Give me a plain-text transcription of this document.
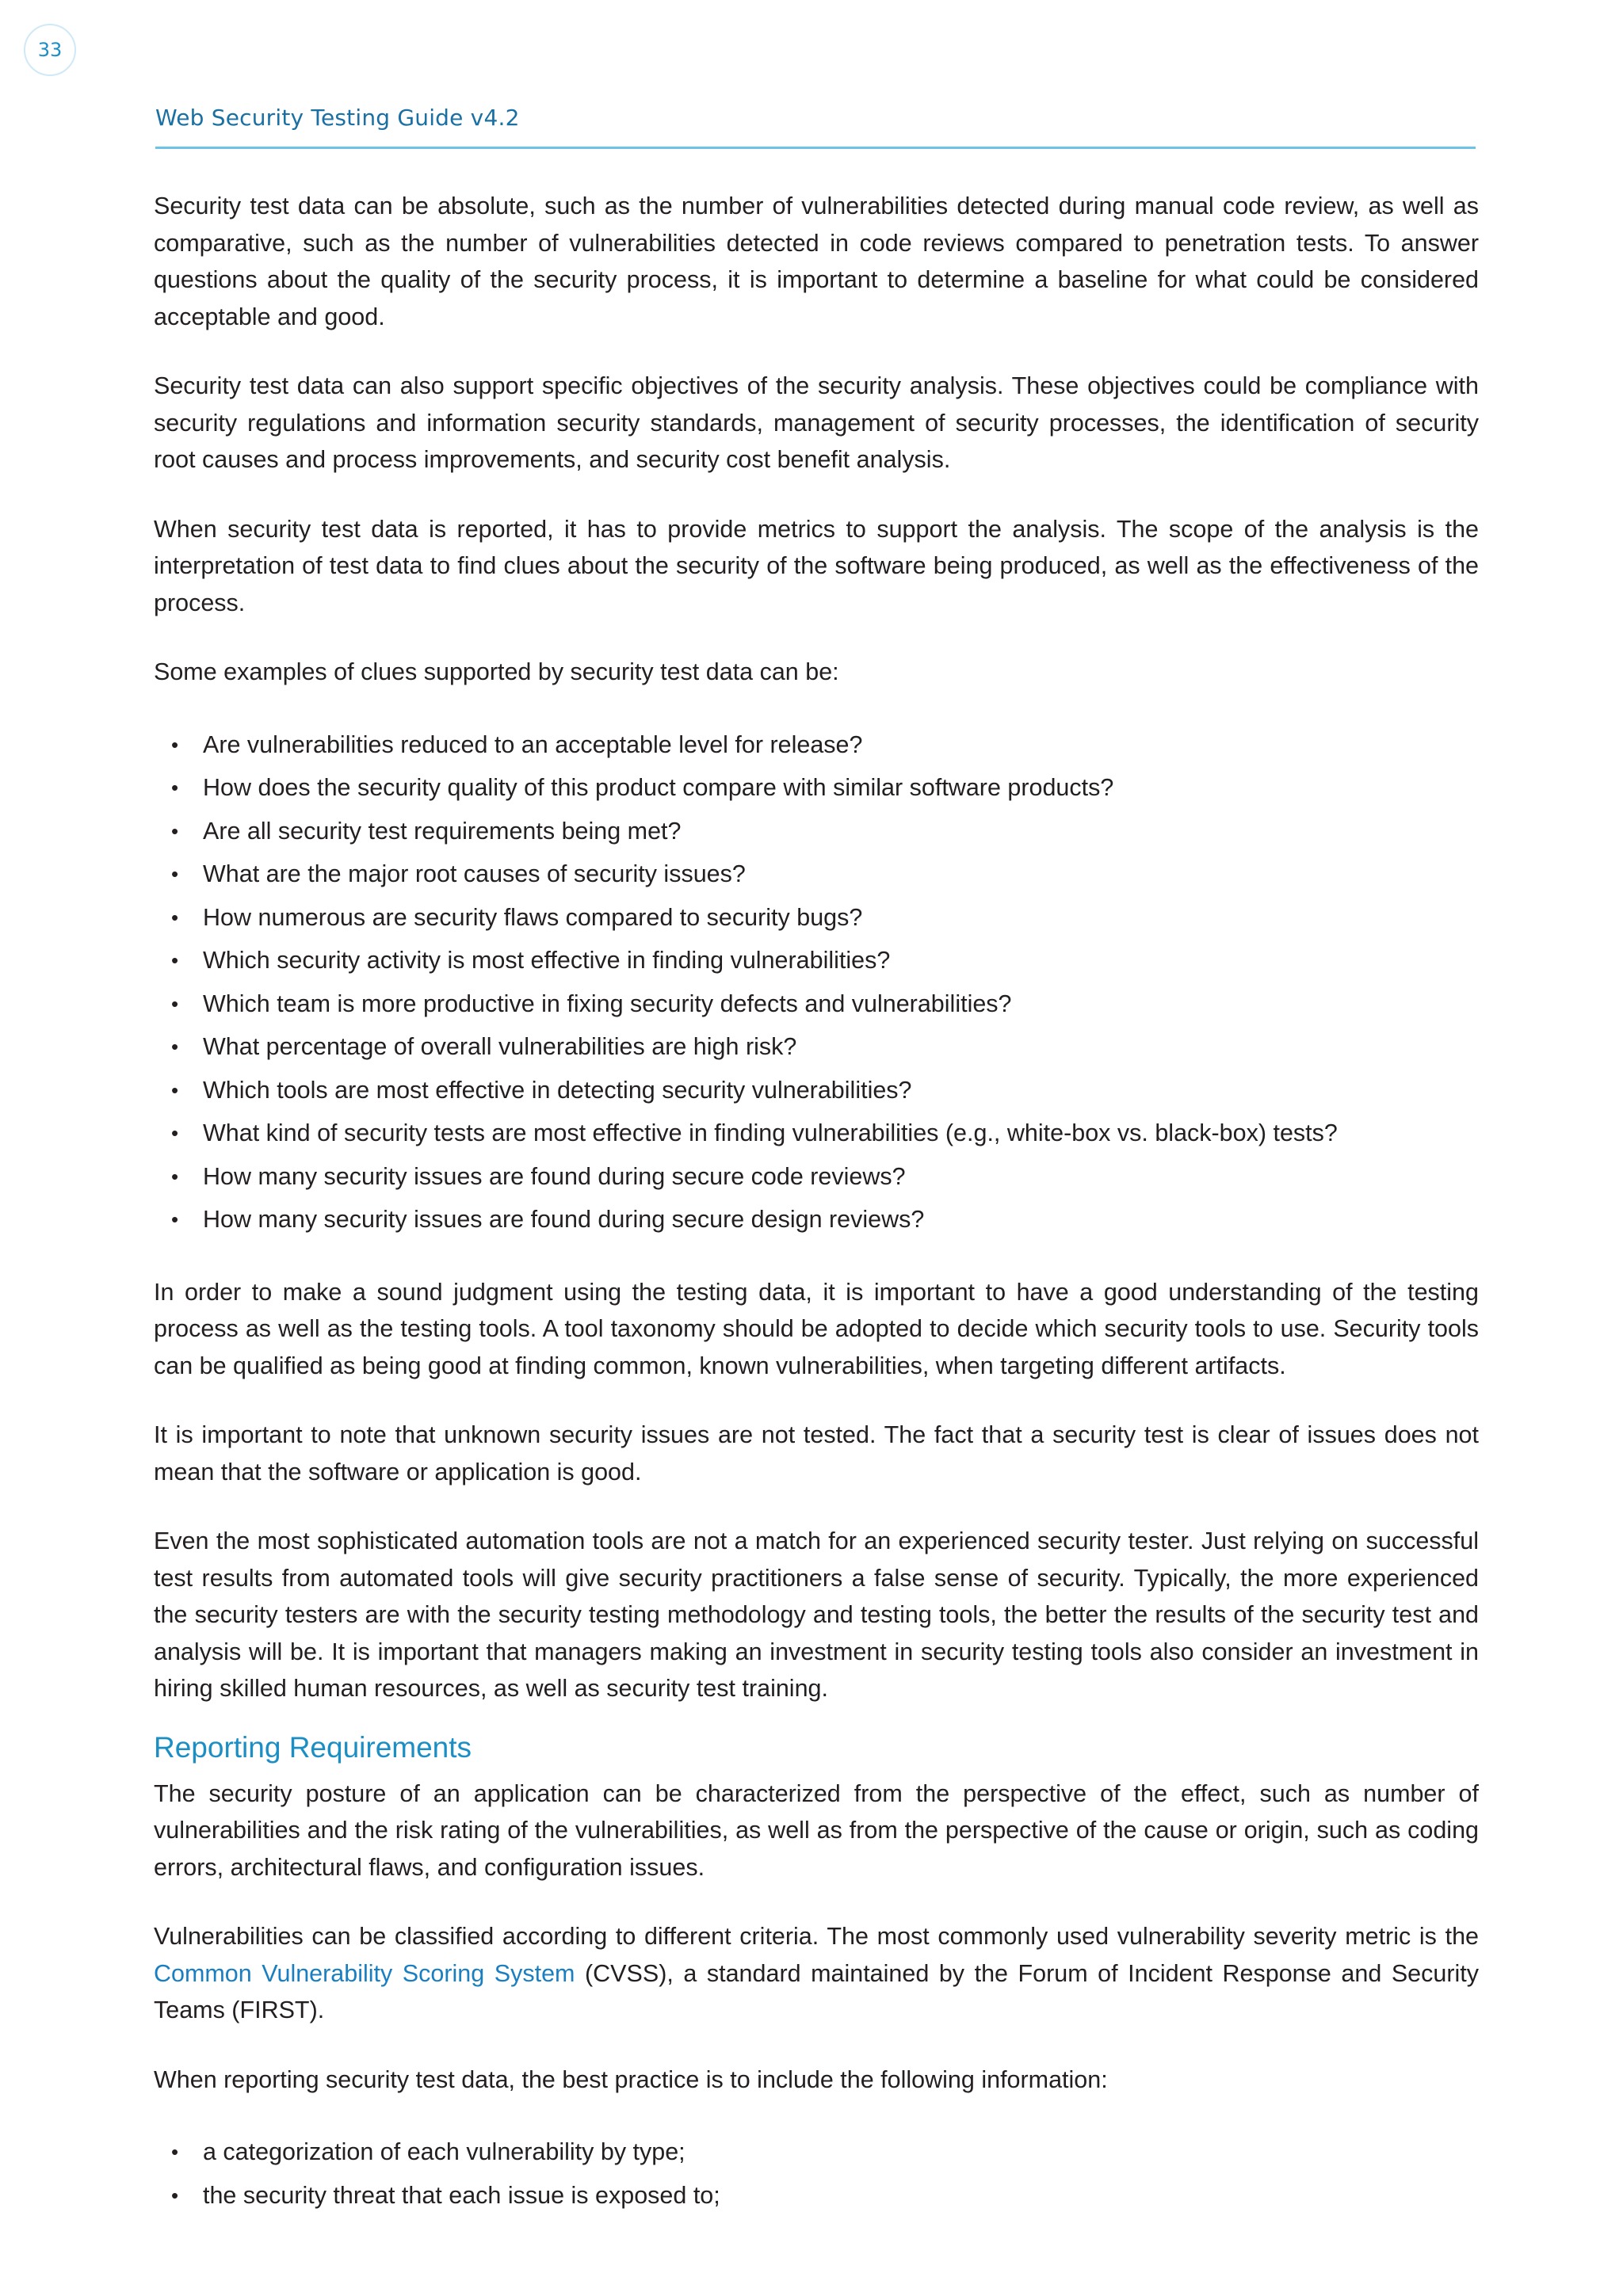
33
Web Security Testing Guide v4.2

Security test data can be absolute, such as the number of vulnerabilities detected during manual code review, as well as comparative, such as the number of vulnerabilities detected in code reviews compared to penetration tests. To answer questions about the quality of the security process, it is important to determine a baseline for what could be considered acceptable and good.

Security test data can also support specific objectives of the security analysis. These objectives could be compliance with security regulations and information security standards, management of security processes, the identification of security root causes and process improvements, and security cost benefit analysis.

When security test data is reported, it has to provide metrics to support the analysis. The scope of the analysis is the interpretation of test data to find clues about the security of the software being produced, as well as the effectiveness of the process.

Some examples of clues supported by security test data can be:

• Are vulnerabilities reduced to an acceptable level for release?
• How does the security quality of this product compare with similar software products?
• Are all security test requirements being met?
• What are the major root causes of security issues?
• How numerous are security flaws compared to security bugs?
• Which security activity is most effective in finding vulnerabilities?
• Which team is more productive in fixing security defects and vulnerabilities?
• What percentage of overall vulnerabilities are high risk?
• Which tools are most effective in detecting security vulnerabilities?
• What kind of security tests are most effective in finding vulnerabilities (e.g., white-box vs. black-box) tests?
• How many security issues are found during secure code reviews?
• How many security issues are found during secure design reviews?

In order to make a sound judgment using the testing data, it is important to have a good understanding of the testing process as well as the testing tools. A tool taxonomy should be adopted to decide which security tools to use. Security tools can be qualified as being good at finding common, known vulnerabilities, when targeting different artifacts.

It is important to note that unknown security issues are not tested. The fact that a security test is clear of issues does not mean that the software or application is good.

Even the most sophisticated automation tools are not a match for an experienced security tester. Just relying on successful test results from automated tools will give security practitioners a false sense of security. Typically, the more experienced the security testers are with the security testing methodology and testing tools, the better the results of the security test and analysis will be. It is important that managers making an investment in security testing tools also consider an investment in hiring skilled human resources, as well as security test training.

Reporting Requirements

The security posture of an application can be characterized from the perspective of the effect, such as number of vulnerabilities and the risk rating of the vulnerabilities, as well as from the perspective of the cause or origin, such as coding errors, architectural flaws, and configuration issues.

Vulnerabilities can be classified according to different criteria. The most commonly used vulnerability severity metric is the Common Vulnerability Scoring System (CVSS), a standard maintained by the Forum of Incident Response and Security Teams (FIRST).

When reporting security test data, the best practice is to include the following information:

• a categorization of each vulnerability by type;
• the security threat that each issue is exposed to;
